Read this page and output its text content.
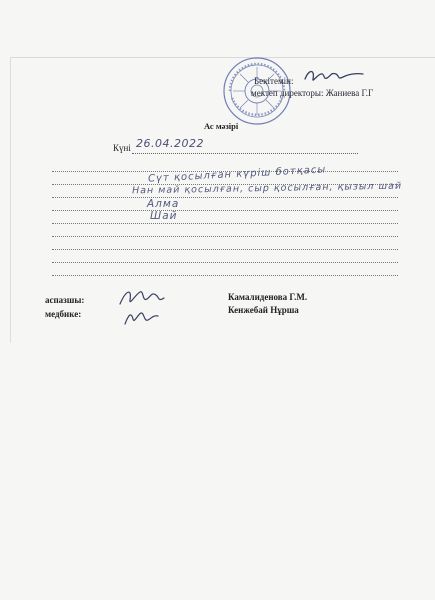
Бекітемін:
мектеп директоры: Жаниева Г.Г
Ас мәзірі
Күні 26.04.2022
Сүт қосылған күріш ботқасы
Нан май қосылған, сыр қосылған, қызыл шай
Алма
Шай
аспазшы:
медбике:
Камалиденова Г.М.
Кенжебай Нұрша
